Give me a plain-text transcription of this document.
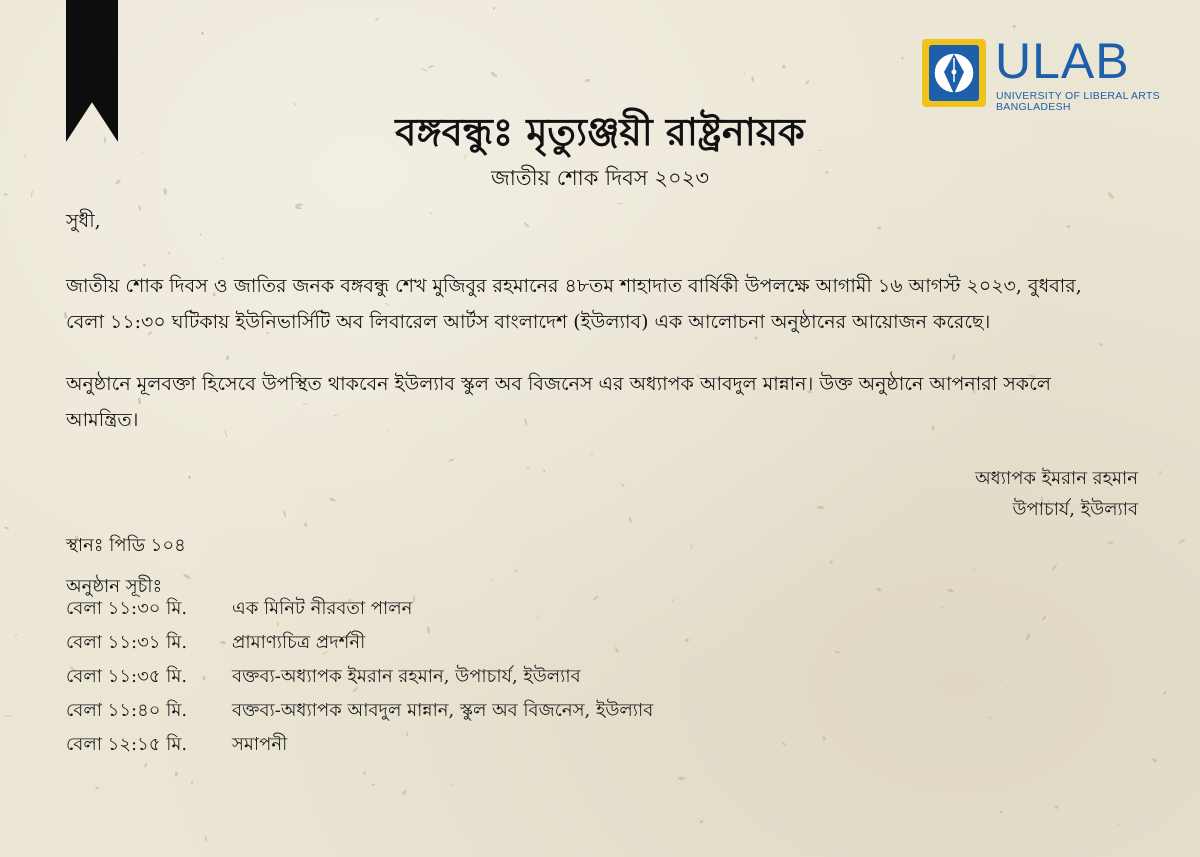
ULAB
UNIVERSITY OF LIBERAL ARTS
BANGLADESH
বঙ্গবন্ধুঃ মৃত্যুঞ্জয়ী রাষ্ট্রনায়ক
জাতীয় শোক দিবস ২০২৩
সুধী,
জাতীয় শোক দিবস ও জাতির জনক বঙ্গবন্ধু শেখ মুজিবুর রহমানের ৪৮তম শাহাদাত বার্ষিকী উপলক্ষে আগামী ১৬ আগস্ট ২০২৩, বুধবার,
বেলা ১১:৩০ ঘটিকায় ইউনিভার্সিটি অব লিবারেল আর্টস বাংলাদেশ (ইউল্যাব) এক আলোচনা অনুষ্ঠানের আয়োজন করেছে।
অনুষ্ঠানে মূলবক্তা হিসেবে উপস্থিত থাকবেন ইউল্যাব স্কুল অব বিজনেস এর অধ্যাপক আবদুল মান্নান। উক্ত অনুষ্ঠানে আপনারা সকলে
আমন্ত্রিত।
অধ্যাপক ইমরান রহমান
উপাচার্য, ইউল্যাব
স্থানঃ পিডি ১০৪
অনুষ্ঠান সূচীঃ
বেলা ১১:৩০ মি. এক মিনিট নীরবতা পালন
বেলা ১১:৩১ মি. প্রামাণ্যচিত্র প্রদর্শনী
বেলা ১১:৩৫ মি. বক্তব্য-অধ্যাপক ইমরান রহমান, উপাচার্য, ইউল্যাব
বেলা ১১:৪০ মি. বক্তব্য-অধ্যাপক আবদুল মান্নান, স্কুল অব বিজনেস, ইউল্যাব
বেলা ১২:১৫ মি. সমাপনী
